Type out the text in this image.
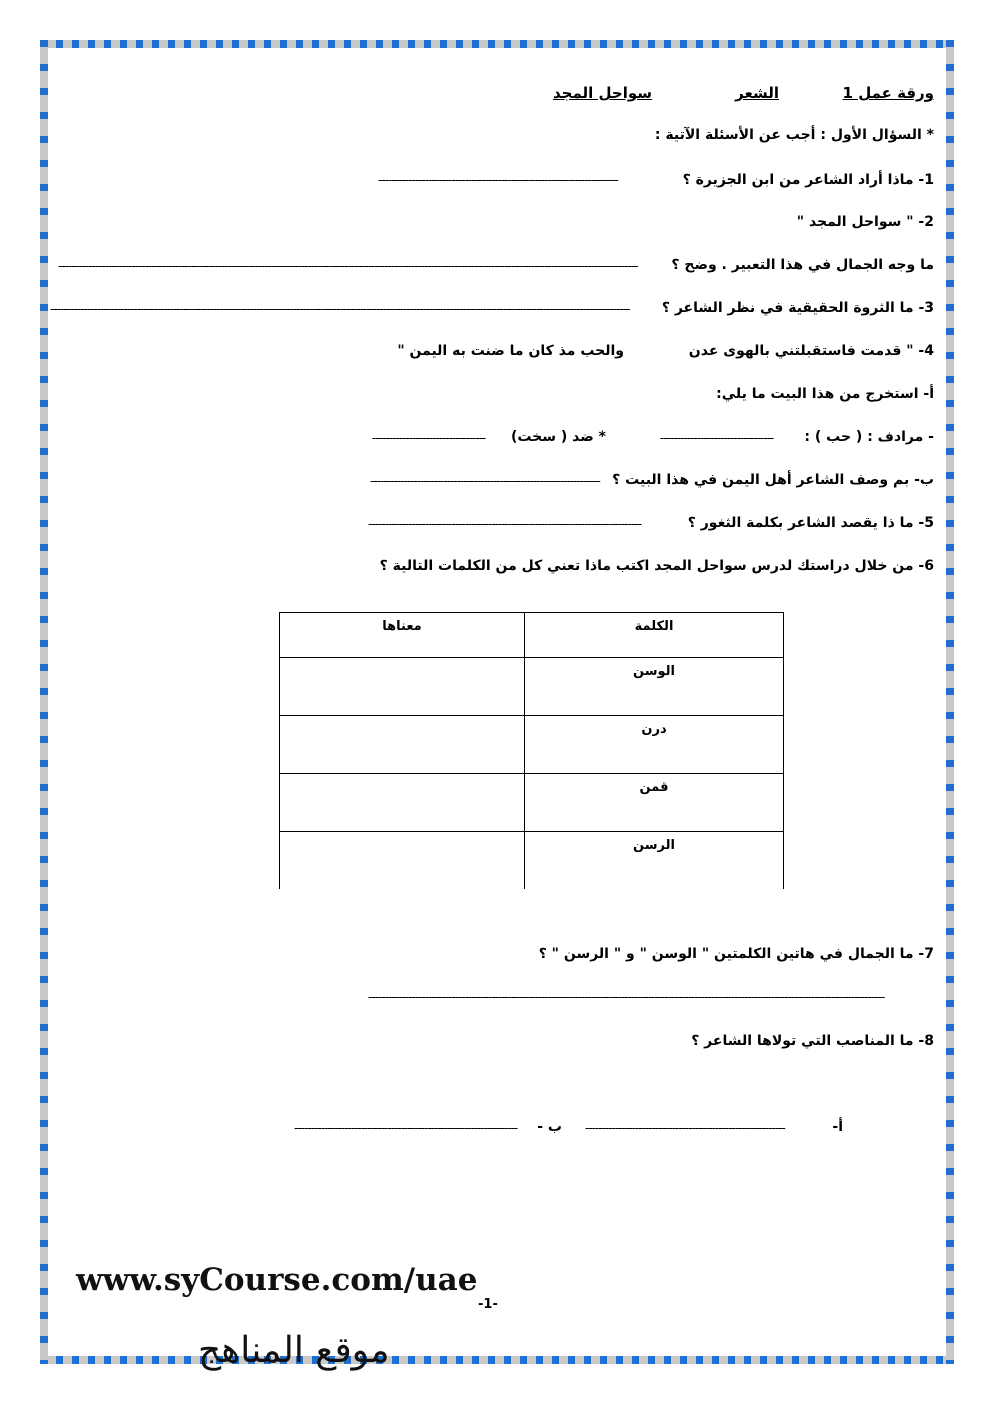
ورقة عمل 1
الشعر
سواحل المجد
* السؤال الأول : أجب عن الأسئلة الآتية :
1- ماذا أراد الشاعر من ابن الجزيرة ؟
------------------------------------------------------------------------
2- " سواحل المجد "
ما وجه الجمال في هذا التعبير . وضح ؟
------------------------------------------------------------------------------------------------------------------------------------------------------------------------------
3- ما الثروة الحقيقية في نظر الشاعر ؟
------------------------------------------------------------------------------------------------------------------------------------------------------------------------------
4- " قدمت فاستقبلتني بالهوى عدن
والحب مذ كان ما ضنت به اليمن "
أ- استخرج من هذا البيت ما يلي:
- مرادف : ( حب ) :
----------------------------------
* ضد ( سخت)
----------------------------------
ب- بم وصف الشاعر أهل اليمن في هذا البيت ؟
---------------------------------------------------------------------
5- ما ذا يقصد الشاعر بكلمة الثغور ؟
----------------------------------------------------------------------------------
6- من خلال دراستك لدرس سواحل المجد اكتب ماذا تعني كل من الكلمات التالية ؟
الكلمة	معناها
الوسن	
درن	
قمن	
الرسن	
7- ما الجمال في هاتين الكلمتين " الوسن " و " الرسن " ؟
-----------------------------------------------------------------------------------------------------------------------------------------------------------
8- ما المناصب التي تولاها الشاعر ؟
أ-
------------------------------------------------------------
ب -
-------------------------------------------------------------------
www.syCourse.com/uae
-1-
موقع المناهج
